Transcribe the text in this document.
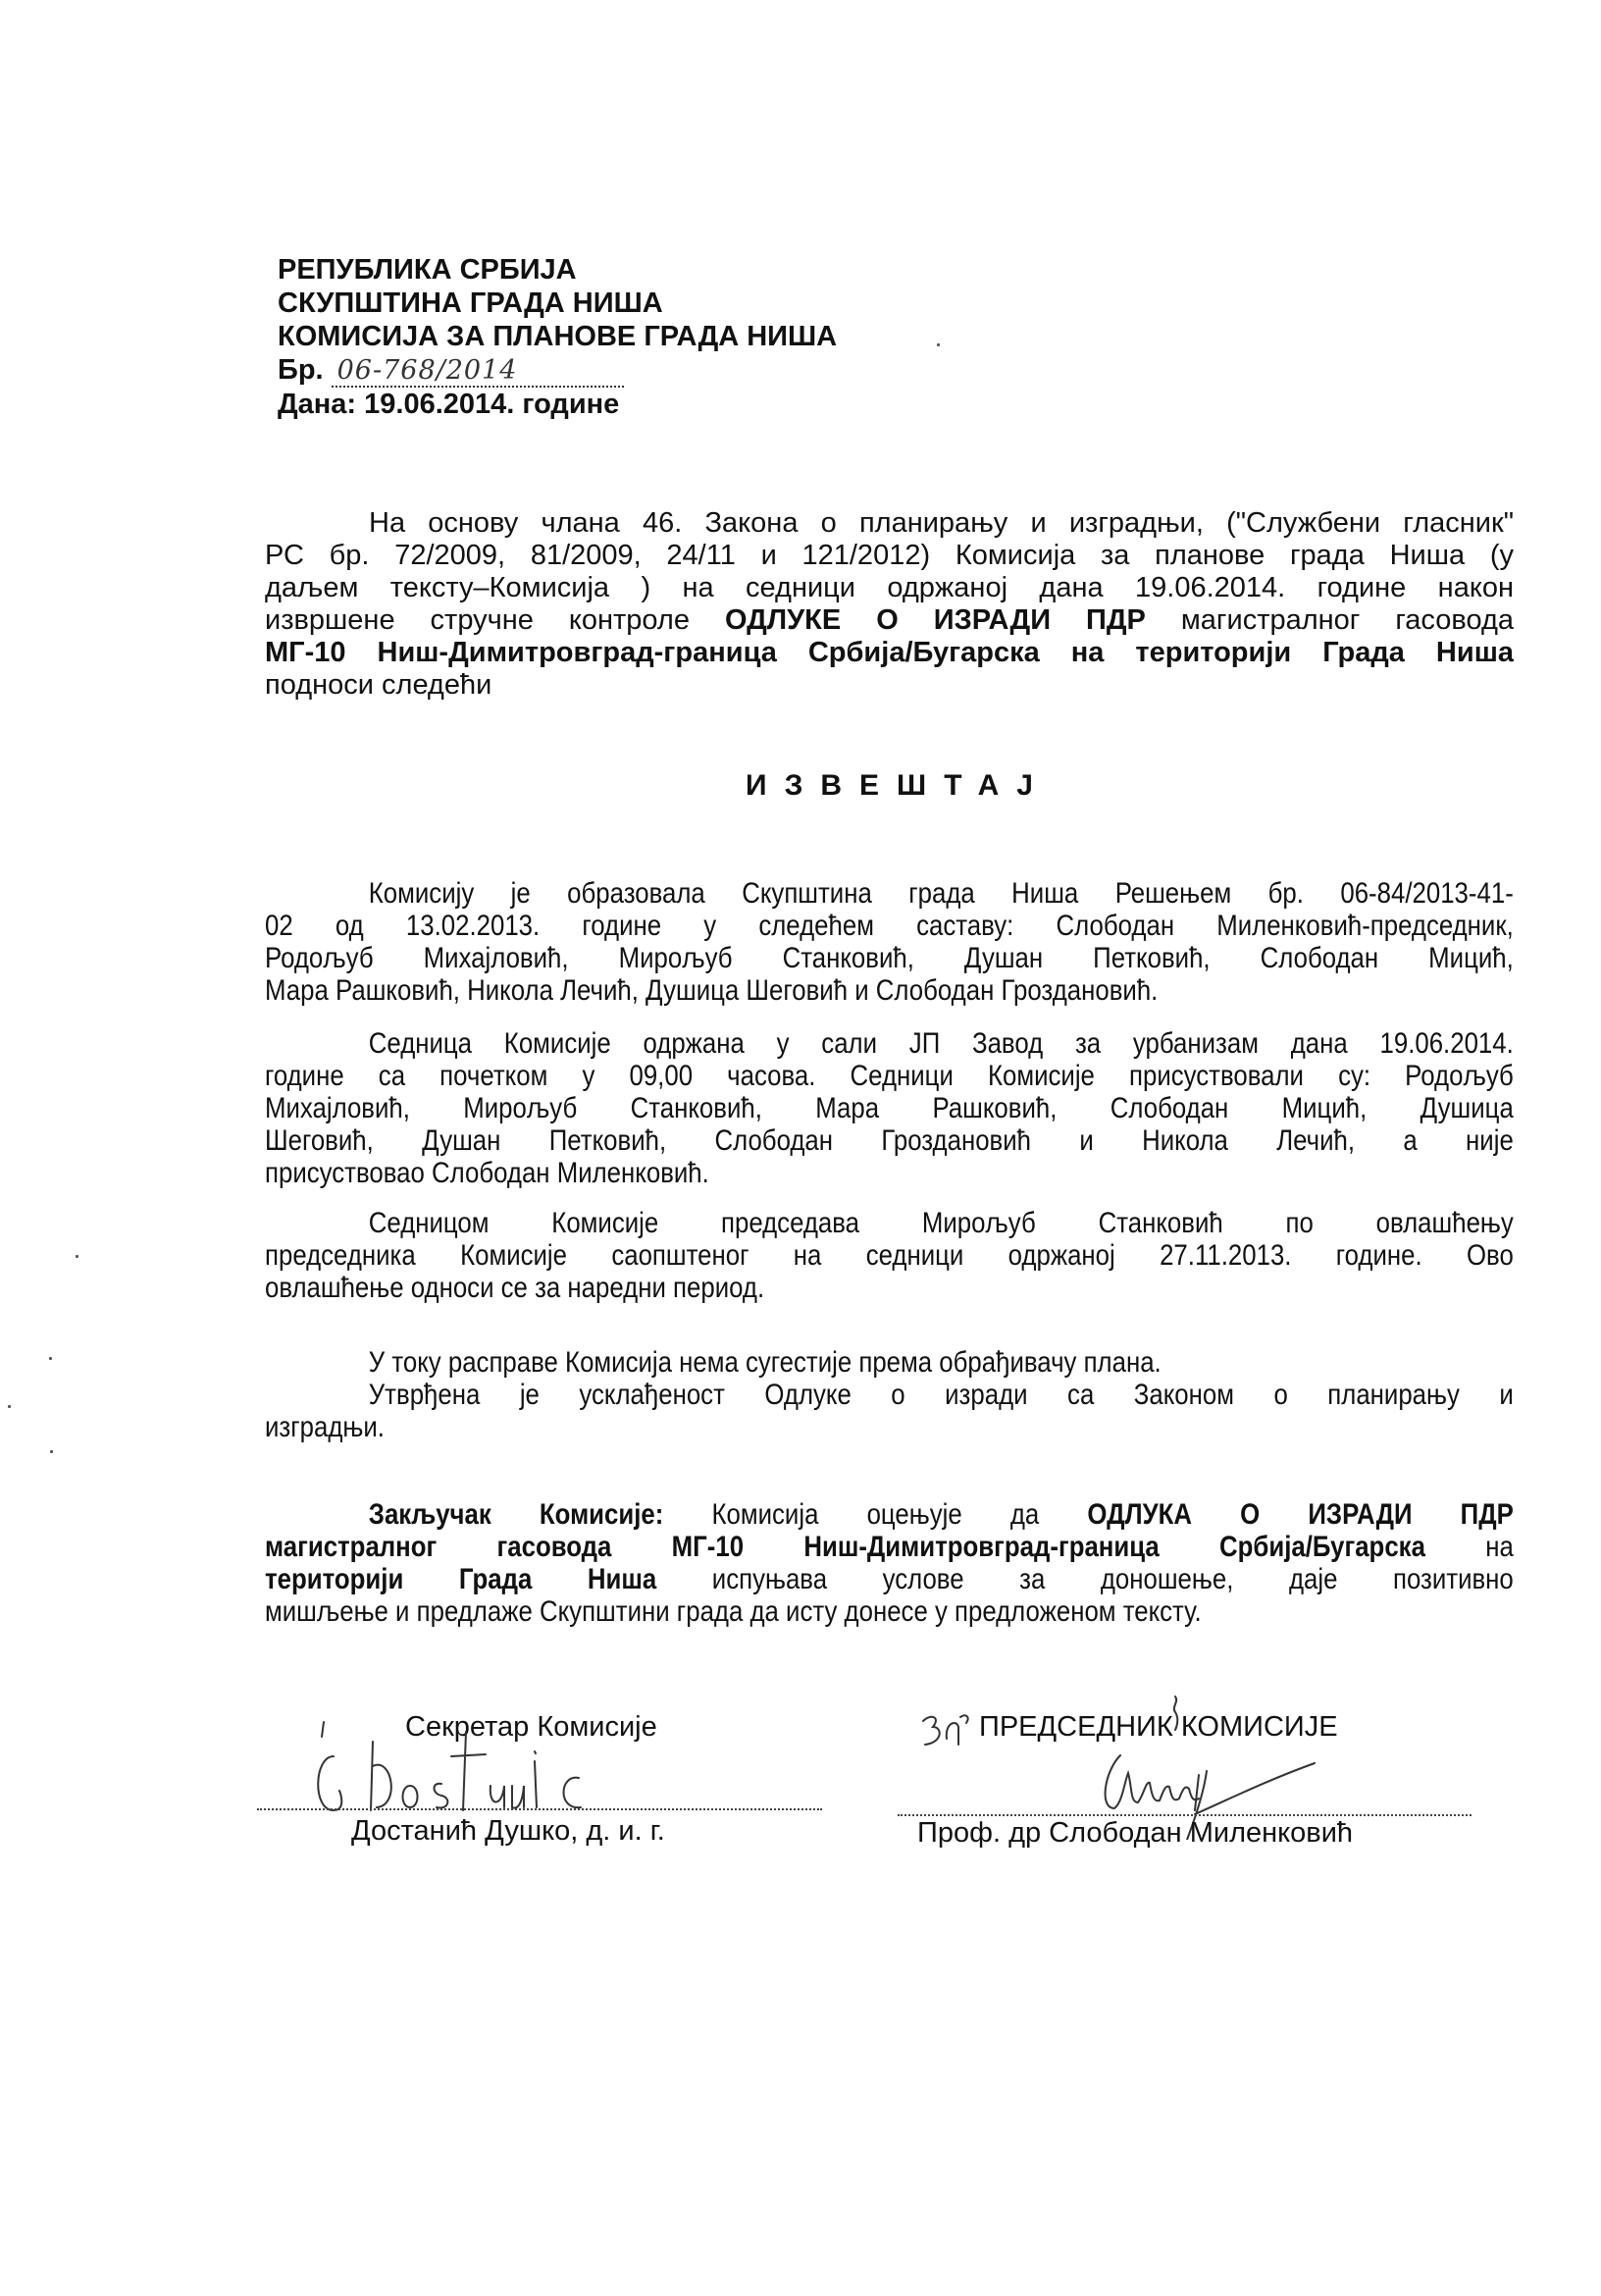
РЕПУБЛИКА СРБИЈА
СКУПШТИНА ГРАДА НИША
КОМИСИЈА ЗА ПЛАНОВЕ ГРАДА НИША
Бр. 06-768/2014
Дана: 19.06.2014. године
На основу члана 46. Закона о планирању и изградњи, ("Службени гласник"
РС бр. 72/2009, 81/2009, 24/11 и 121/2012) Комисија за планове града Ниша (у
даљем тексту–Комисија ) на седници одржаној дана 19.06.2014. године након
извршене стручне контроле ОДЛУКЕ О ИЗРАДИ ПДР магистралног гасовода
МГ-10 Ниш-Димитровград-граница Србија/Бугарска на територији Града Ниша
подноси следећи
ИЗВЕШТАЈ
Комисију је образовала Скупштина града Ниша Решењем бр. 06-84/2013-41-
02 од 13.02.2013. године у следећем саставу: Слободан Миленковић-председник,
Родољуб Михајловић, Мирољуб Станковић, Душан Петковић, Слободан Мицић,
Мара Рашковић, Никола Лечић, Душица Шеговић и Слободан Гроздановић.
Седница Комисије одржана у сали ЈП Завод за урбанизам дана 19.06.2014.
године са почетком у 09,00 часова. Седници Комисије присуствовали су: Родољуб
Михајловић, Мирољуб Станковић, Мара Рашковић, Слободан Мицић, Душица
Шеговић, Душан Петковић, Слободан Гроздановић и Никола Лечић, а није
присуствовао Слободан Миленковић.
Седницом Комисије председава Мирољуб Станковић по овлашћењу
председника Комисије саопштеног на седници одржаној 27.11.2013. године. Ово
овлашћење односи се за наредни период.
У току расправе Комисија нема сугестије према обрађивачу плана.
Утврђена је усклађеност Одлуке о изради са Законом о планирању и
изградњи.
Закључак Комисије: Комисија оцењује да ОДЛУКА О ИЗРАДИ ПДР
магистралног гасовода МГ-10 Ниш-Димитровград-граница Србија/Бугарска на
територији Града Ниша испуњава услове за доношење, даје позитивно
мишљење и предлаже Скупштини града да исту донесе у предложеном тексту.
Секретар Комисије
Достанић Душко, д. и. г.
ПРЕДСЕДНИК КОМИСИЈЕ
Проф. др Слободан Миленковић
